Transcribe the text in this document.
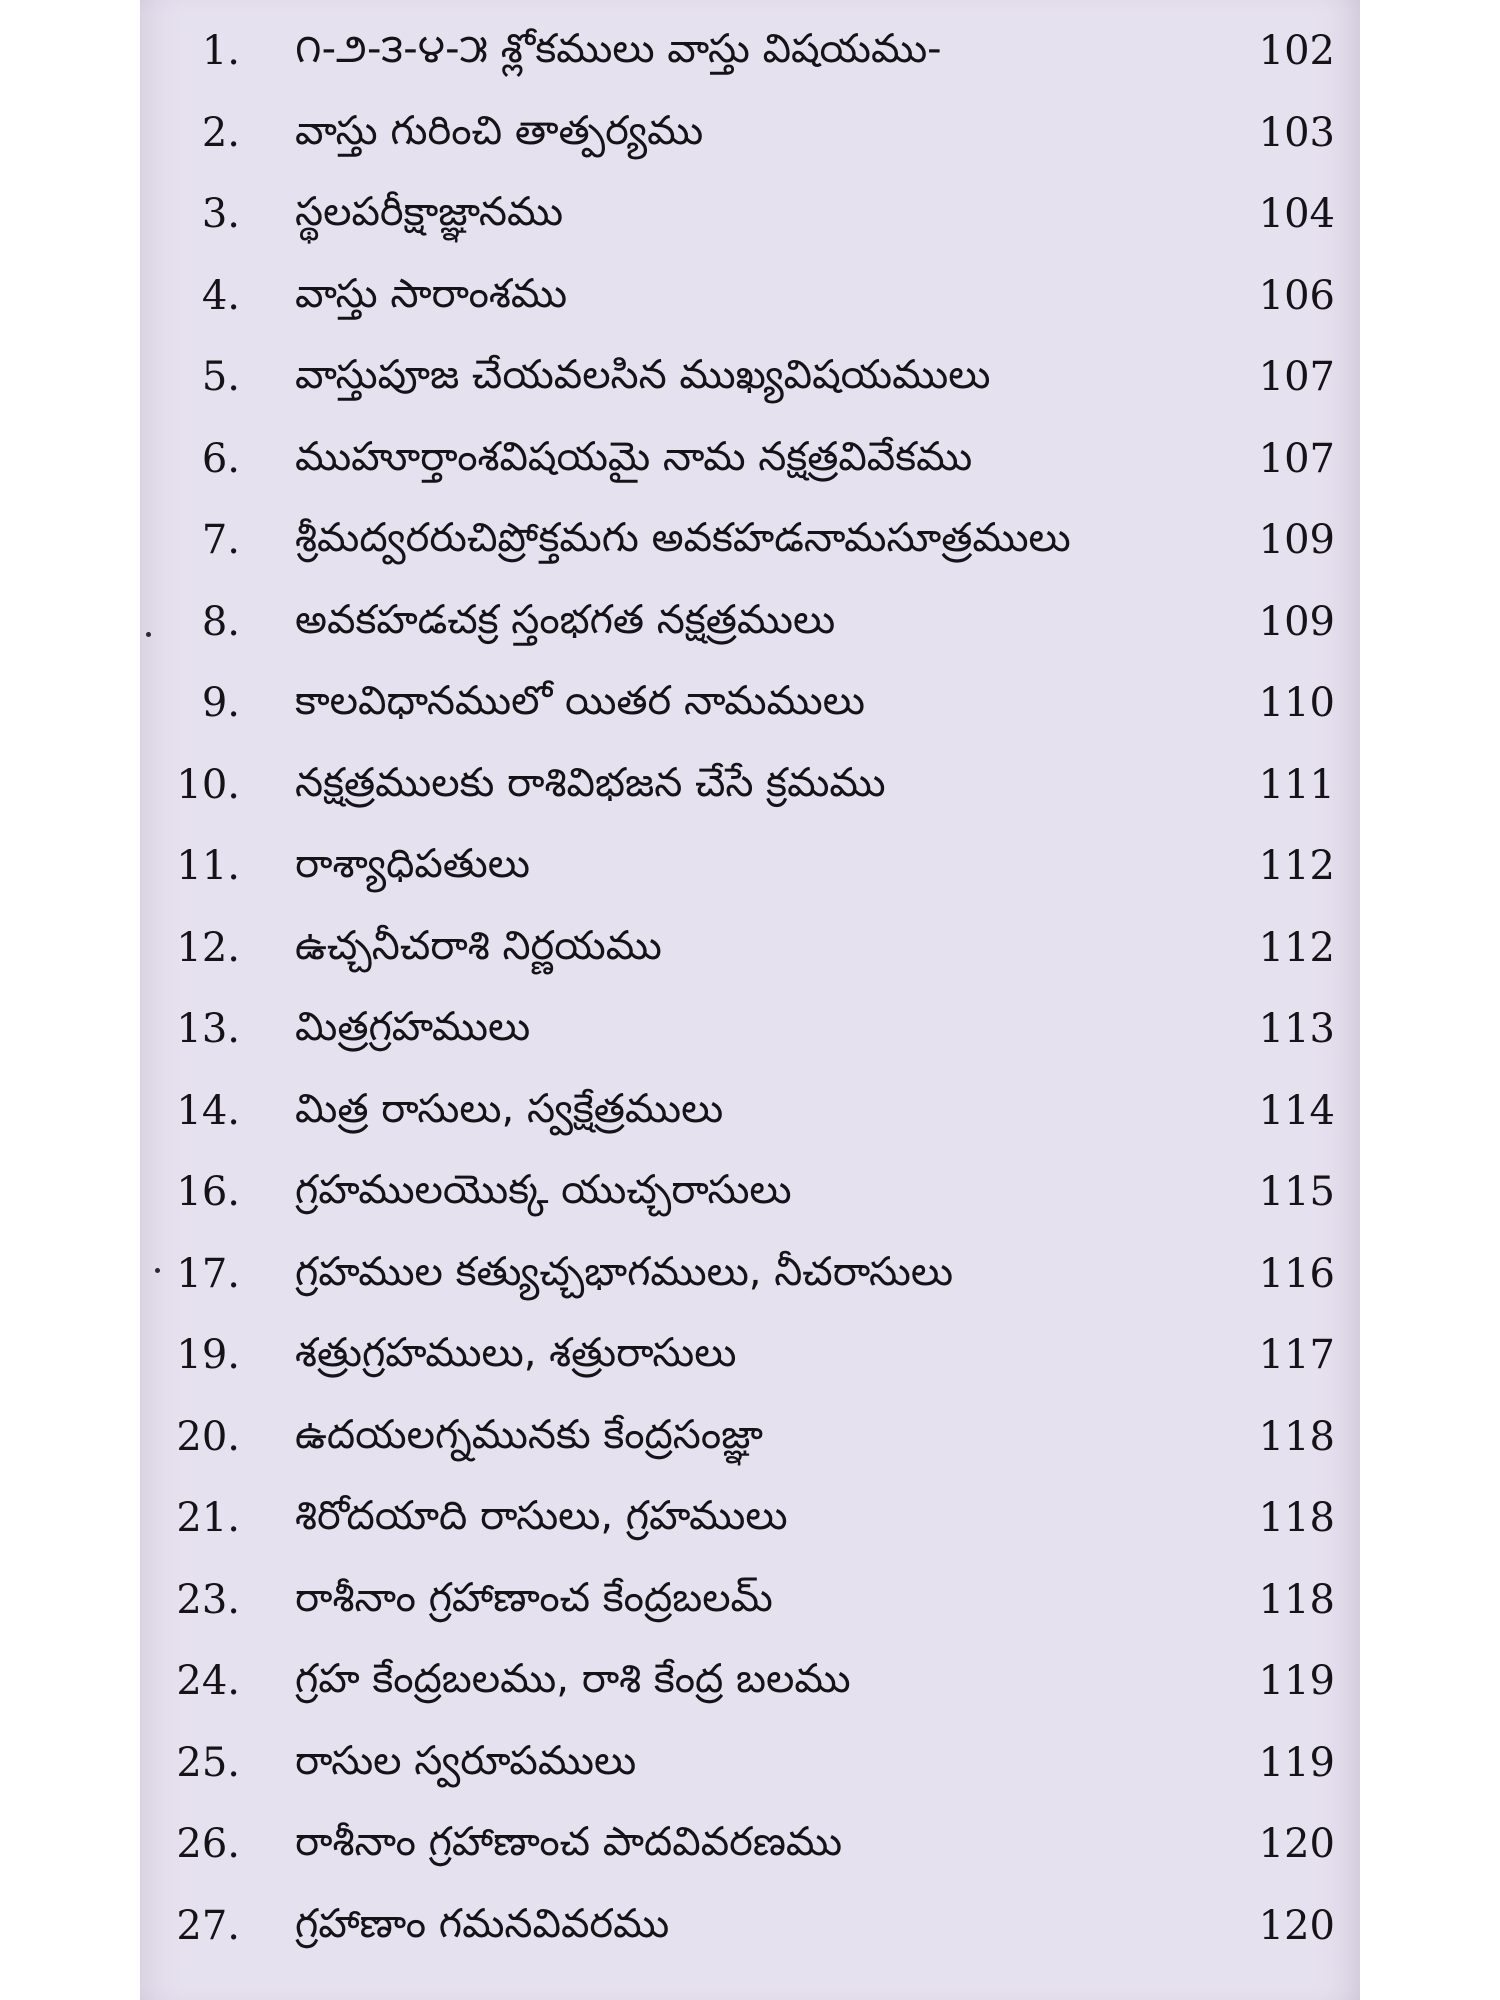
1. ౧-౨-౩-౪-౫ శ్లోకములు వాస్తు విషయము-	102
2. వాస్తు గురించి తాత్పర్యము	103
3. స్థలపరీక్షాజ్ఞానము	104
4. వాస్తు సారాంశము	106
5. వాస్తుపూజ చేయవలసిన ముఖ్యవిషయములు	107
6. ముహూర్తాంశవిషయమై నామ నక్షత్రవివేకము	107
7. శ్రీమద్వరరుచిప్రోక్తమగు అవకహడనామసూత్రములు	109
8. అవకహడచక్ర స్తంభగత నక్షత్రములు	109
9. కాలవిధానములో యితర నామములు	110
10. నక్షత్రములకు రాశివిభజన చేసే క్రమము	111
11. రాశ్యాధిపతులు	112
12. ఉచ్చనీచరాశి నిర్ణయము	112
13. మిత్రగ్రహములు	113
14. మిత్ర రాసులు, స్వక్షేత్రములు	114
16. గ్రహములయొక్క యుచ్చరాసులు	115
17. గ్రహముల కత్యుచ్చభాగములు, నీచరాసులు	116
19. శత్రుగ్రహములు, శత్రురాసులు	117
20. ఉదయలగ్నమునకు కేంద్రసంజ్ఞా	118
21. శిరోదయాది రాసులు, గ్రహములు	118
23. రాశీనాం గ్రహాణాంచ కేంద్రబలమ్	118
24. గ్రహ కేంద్రబలము, రాశి కేంద్ర బలము	119
25. రాసుల స్వరూపములు	119
26. రాశీనాం గ్రహాణాంచ పాదవివరణము	120
27. గ్రహాణాం గమనవివరము	120
